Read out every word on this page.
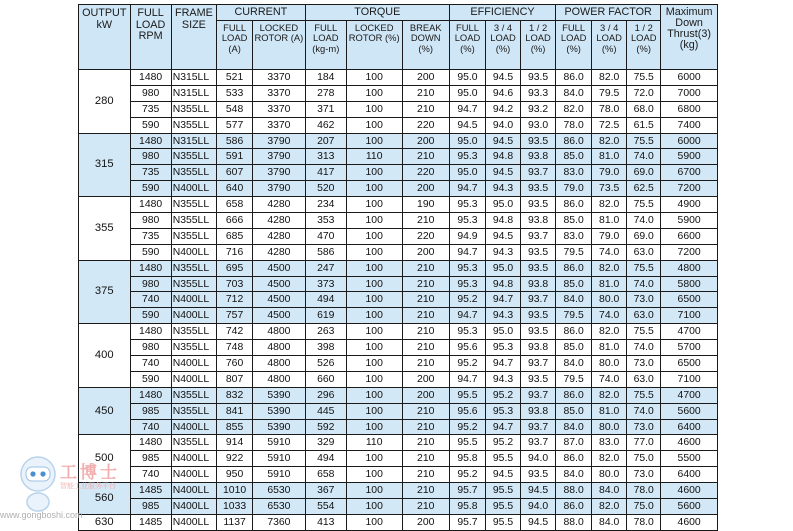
OUTPUT kW	FULL LOAD RPM	FRAME SIZE	CURRENT		TORQUE			EFFICIENCY			POWER FACTOR			Maximum Down Thrust(3) (kg)
			FULL LOAD (A)	LOCKED ROTOR (A)	FULL LOAD (kg-m)	LOCKED ROTOR (%)	BREAK DOWN (%)	FULL LOAD (%)	3 / 4 LOAD (%)	1 / 2 LOAD (%)	FULL LOAD (%)	3 / 4 LOAD (%)	1 / 2 LOAD (%)	
280	1480	N315LL	521	3370	184	100	200	95.0	94.5	93.5	86.0	82.0	75.5	6000
	980	N315LL	533	3370	278	100	210	95.0	94.6	93.3	84.0	79.5	72.0	7000
	735	N355LL	548	3370	371	100	210	94.7	94.2	93.2	82.0	78.0	68.0	6800
	590	N355LL	577	3370	462	100	220	94.5	94.0	93.0	78.0	72.5	61.5	7400
315	1480	N315LL	586	3790	207	100	200	95.0	94.5	93.5	86.0	82.0	75.5	6000
	980	N355LL	591	3790	313	110	210	95.3	94.8	93.8	85.0	81.0	74.0	5900
	735	N355LL	607	3790	417	100	220	95.0	94.5	93.7	83.0	79.0	69.0	6700
	590	N400LL	640	3790	520	100	200	94.7	94.3	93.5	79.0	73.5	62.5	7200
355	1480	N355LL	658	4280	234	100	190	95.3	95.0	93.5	86.0	82.0	75.5	4900
	980	N355LL	666	4280	353	100	210	95.3	94.8	93.8	85.0	81.0	74.0	5900
	735	N355LL	685	4280	470	100	220	94.9	94.5	93.7	83.0	79.0	69.0	6600
	590	N400LL	716	4280	586	100	200	94.7	94.3	93.5	79.5	74.0	63.0	7200
375	1480	N355LL	695	4500	247	100	210	95.3	95.0	93.5	86.0	82.0	75.5	4800
	980	N355LL	703	4500	373	100	210	95.3	94.8	93.8	85.0	81.0	74.0	5800
	740	N400LL	712	4500	494	100	210	95.2	94.7	93.7	84.0	80.0	73.0	6500
	590	N400LL	757	4500	619	100	210	94.7	94.3	93.5	79.5	74.0	63.0	7100
400	1480	N355LL	742	4800	263	100	210	95.3	95.0	93.5	86.0	82.0	75.5	4700
	980	N355LL	748	4800	398	100	210	95.6	95.3	93.8	85.0	81.0	74.0	5700
	740	N400LL	760	4800	526	100	210	95.2	94.7	93.7	84.0	80.0	73.0	6500
	590	N400LL	807	4800	660	100	200	94.7	94.3	93.5	79.5	74.0	63.0	7100
450	1480	N355LL	832	5390	296	100	200	95.5	95.2	93.7	86.0	82.0	75.5	4700
	985	N355LL	841	5390	445	100	210	95.6	95.3	93.8	85.0	81.0	74.0	5600
	740	N400LL	855	5390	592	100	210	95.2	94.7	93.7	84.0	80.0	73.0	6400
500	1480	N355LL	914	5910	329	110	210	95.5	95.2	93.7	87.0	83.0	77.0	4600
	985	N400LL	922	5910	494	100	210	95.8	95.5	94.0	86.0	82.0	75.0	5500
	740	N400LL	950	5910	658	100	210	95.2	94.5	93.5	84.0	80.0	73.0	6400
560	1485	N400LL	1010	6530	367	100	210	95.7	95.5	94.5	88.0	84.0	78.0	4600
	985	N400LL	1033	6530	554	100	210	95.8	95.5	94.0	86.0	82.0	75.0	5600
630	1485	N400LL	1137	7360	413	100	200	95.7	95.5	94.5	88.0	84.0	78.0	4600
工博士
智能工业服务平台
www.gongboshi.com
